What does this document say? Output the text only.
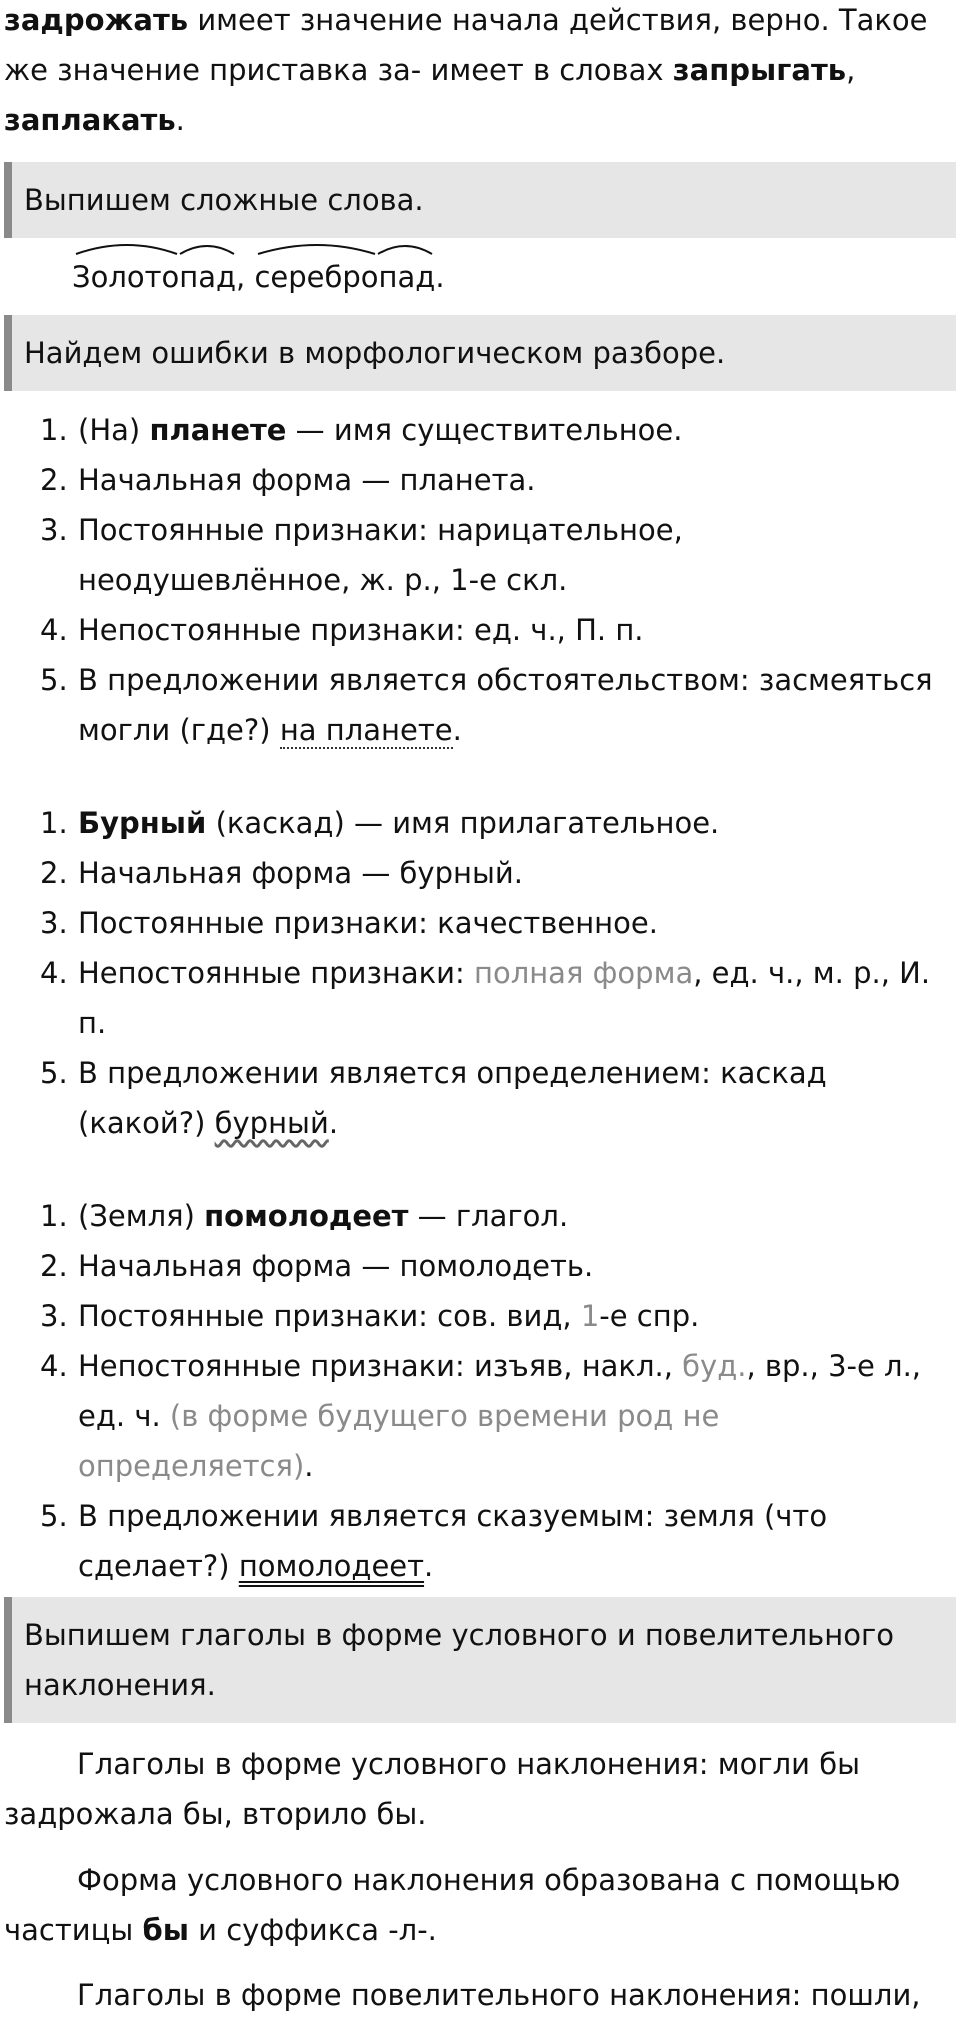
задрожать имеет значение начала действия, верно. Такое же значение приставка за- имеет в словах запрыгать, заплакать.

Выпишем сложные слова.

Золотопад, серебропад.

Найдем ошибки в морфологическом разборе.
1. (На) планете — имя существительное.
2. Начальная форма — планета.
3. Постоянные признаки: нарицательное, неодушевлённое, ж. р., 1-е скл.
4. Непостоянные признаки: ед. ч., П. п.
5. В предложении является обстоятельством: засмеяться могли (где?) на планете.
1. Бурный (каскад) — имя прилагательное.
2. Начальная форма — бурный.
3. Постоянные признаки: качественное.
4. Непостоянные признаки: полная форма, ед. ч., м. р., И. п.
5. В предложении является определением: каскад (какой?) бурный.
1. (Земля) помолодеет — глагол.
2. Начальная форма — помолодеть.
3. Постоянные признаки: сов. вид, 1-е спр.
4. Непостоянные признаки: изъяв, накл., буд., вр., 3-е л., ед. ч. (в форме будущего времени род не определяется).
5. В предложении является сказуемым: земля (что сделает?) помолодеет.
Выпишем глаголы в форме условного и повелительного наклонения.

Глаголы в форме условного наклонения: могли бы задрожала бы, вторило бы.

Форма условного наклонения образована с помощью частицы бы и суффикса -л-.

Глаголы в форме повелительного наклонения: пошли,
